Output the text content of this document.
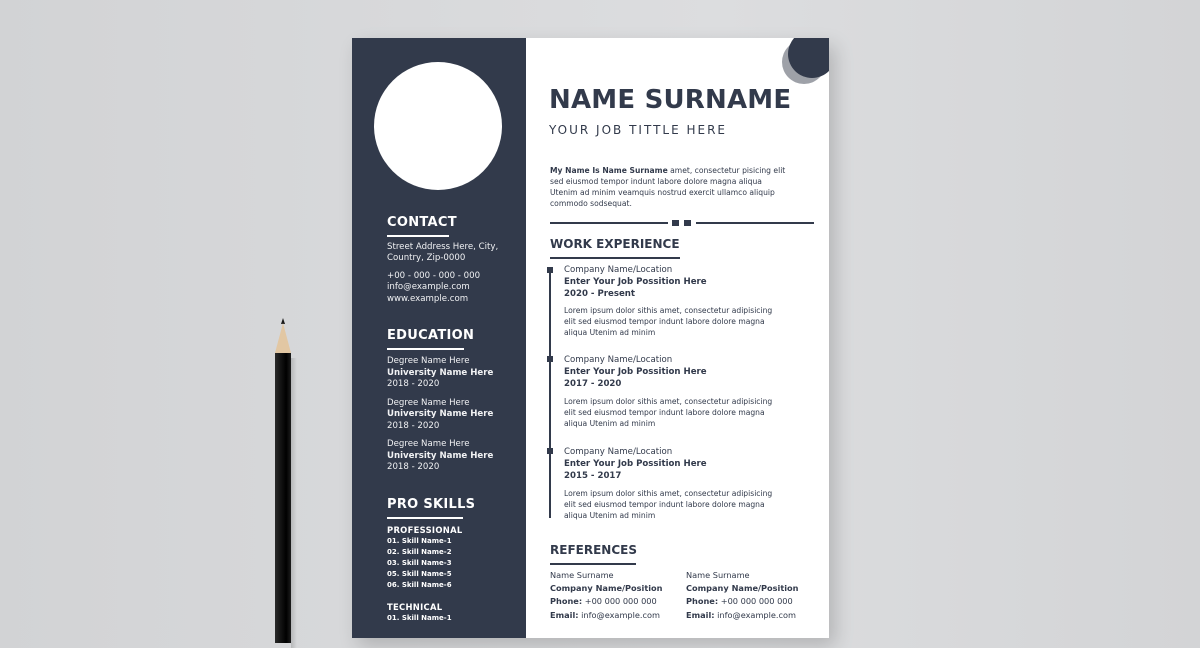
CONTACT
Street Address Here, City,
Country, Zip-0000
+00 - 000 - 000 - 000
info@example.com
www.example.com
EDUCATION
Degree Name Here
University Name Here
2018 - 2020
Degree Name Here
University Name Here
2018 - 2020
Degree Name Here
University Name Here
2018 - 2020
PRO SKILLS
PROFESSIONAL
01. Skill Name-1
02. Skill Name-2
03. Skill Name-3
05. Skill Name-5
06. Skill Name-6
TECHNICAL
01. Skill Name-1
NAME SURNAME
YOUR JOB TITTLE HERE
My Name Is Name Surname amet, consectetur pisicing elit sed eiusmod tempor indunt labore dolore magna aliqua Utenim ad minim veamquis nostrud exercit ullamco aliquip commodo sodsequat.
WORK EXPERIENCE
Company Name/Location
Enter Your Job Possition Here
2020 - Present
Lorem ipsum dolor sithis amet, consectetur adipisicing elit sed eiusmod tempor indunt labore dolore magna aliqua Utenim ad minim
Company Name/Location
Enter Your Job Possition Here
2017 - 2020
Lorem ipsum dolor sithis amet, consectetur adipisicing elit sed eiusmod tempor indunt labore dolore magna aliqua Utenim ad minim
Company Name/Location
Enter Your Job Possition Here
2015 - 2017
Lorem ipsum dolor sithis amet, consectetur adipisicing elit sed eiusmod tempor indunt labore dolore magna aliqua Utenim ad minim
REFERENCES
Name Surname
Company Name/Position
Phone: +00 000 000 000
Email: info@example.com
Name Surname
Company Name/Position
Phone: +00 000 000 000
Email: info@example.com
